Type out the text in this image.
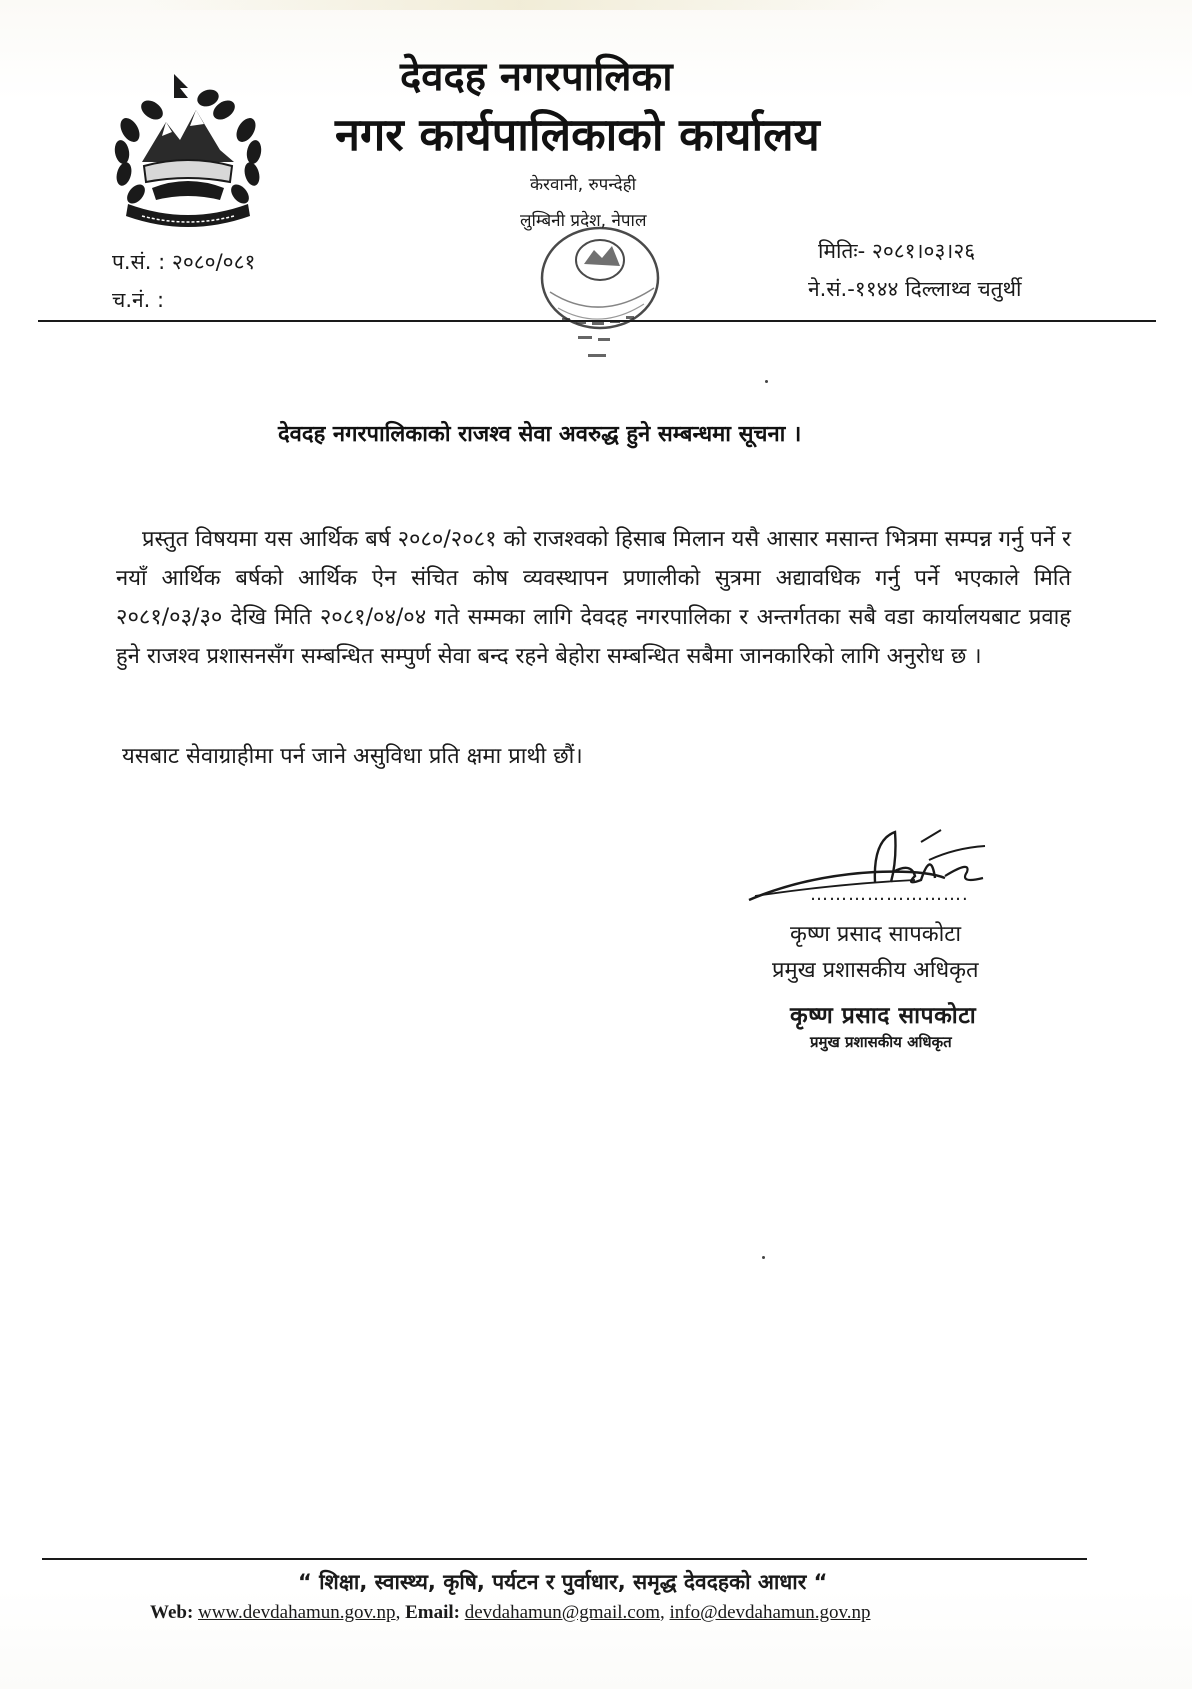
देवदह नगरपालिका
नगर कार्यपालिकाको कार्यालय
केरवानी, रुपन्देही
लुम्बिनी प्रदेश, नेपाल
प.सं. : २०८०/०८१
च.नं. :
मितिः- २०८१।०३।२६
ने.सं.-११४४ दिल्लाथ्व चतुर्थी
देवदह नगरपालिकाको राजश्व सेवा अवरुद्ध हुने सम्बन्धमा सूचना ।
प्रस्तुत विषयमा यस आर्थिक बर्ष २०८०/२०८१ को राजश्वको हिसाब मिलान यसै आसार मसान्त भित्रमा सम्पन्न गर्नु पर्ने र नयाँ आर्थिक बर्षको आर्थिक ऐन संचित कोष व्यवस्थापन प्रणालीको सुत्रमा अद्यावधिक गर्नु पर्ने भएकाले मिति २०८१/०३/३० देखि मिति २०८१/०४/०४ गते सम्मका लागि देवदह नगरपालिका र अन्तर्गतका सबै वडा कार्यालयबाट प्रवाह हुने राजश्व प्रशासनसँग सम्बन्धित सम्पुर्ण सेवा बन्द रहने बेहोरा सम्बन्धित सबैमा जानकारिको लागि अनुरोध छ ।
यसबाट सेवाग्राहीमा पर्न जाने असुविधा प्रति क्षमा प्राथी छौं।
…………………….
कृष्ण प्रसाद सापकोटा
प्रमुख प्रशासकीय अधिकृत
कृष्ण प्रसाद सापकोटा
प्रमुख प्रशासकीय अधिकृत
“ शिक्षा, स्वास्थ्य, कृषि, पर्यटन र पुर्वाधार, समृद्ध देवदहको आधार “
Web: www.devdahamun.gov.np, Email: devdahamun@gmail.com, info@devdahamun.gov.np
